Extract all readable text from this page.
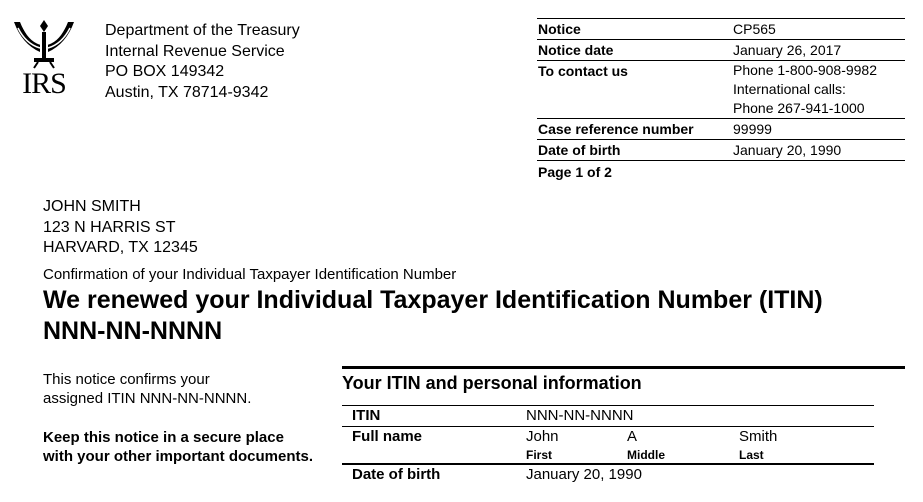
IRS
Department of the Treasury
Internal Revenue Service
PO BOX 149342
Austin, TX 78714-9342
Notice	CP565
Notice date	January 26, 2017
To contact us	Phone 1-800-908-9982
International calls:
Phone 267-941-1000
Case reference number	99999
Date of birth	January 20, 1990
Page 1 of 2
JOHN SMITH
123 N HARRIS ST
HARVARD, TX 12345
Confirmation of your Individual Taxpayer Identification Number
We renewed your Individual Taxpayer Identification Number (ITIN)
NNN-NN-NNNN
This notice confirms your
assigned ITIN NNN-NN-NNNN.
Keep this notice in a secure place with your other important documents.
Your ITIN and personal information
ITIN	NNN-NN-NNNN
Full name	John	A	Smith
First	Middle	Last
Date of birth	January 20, 1990
